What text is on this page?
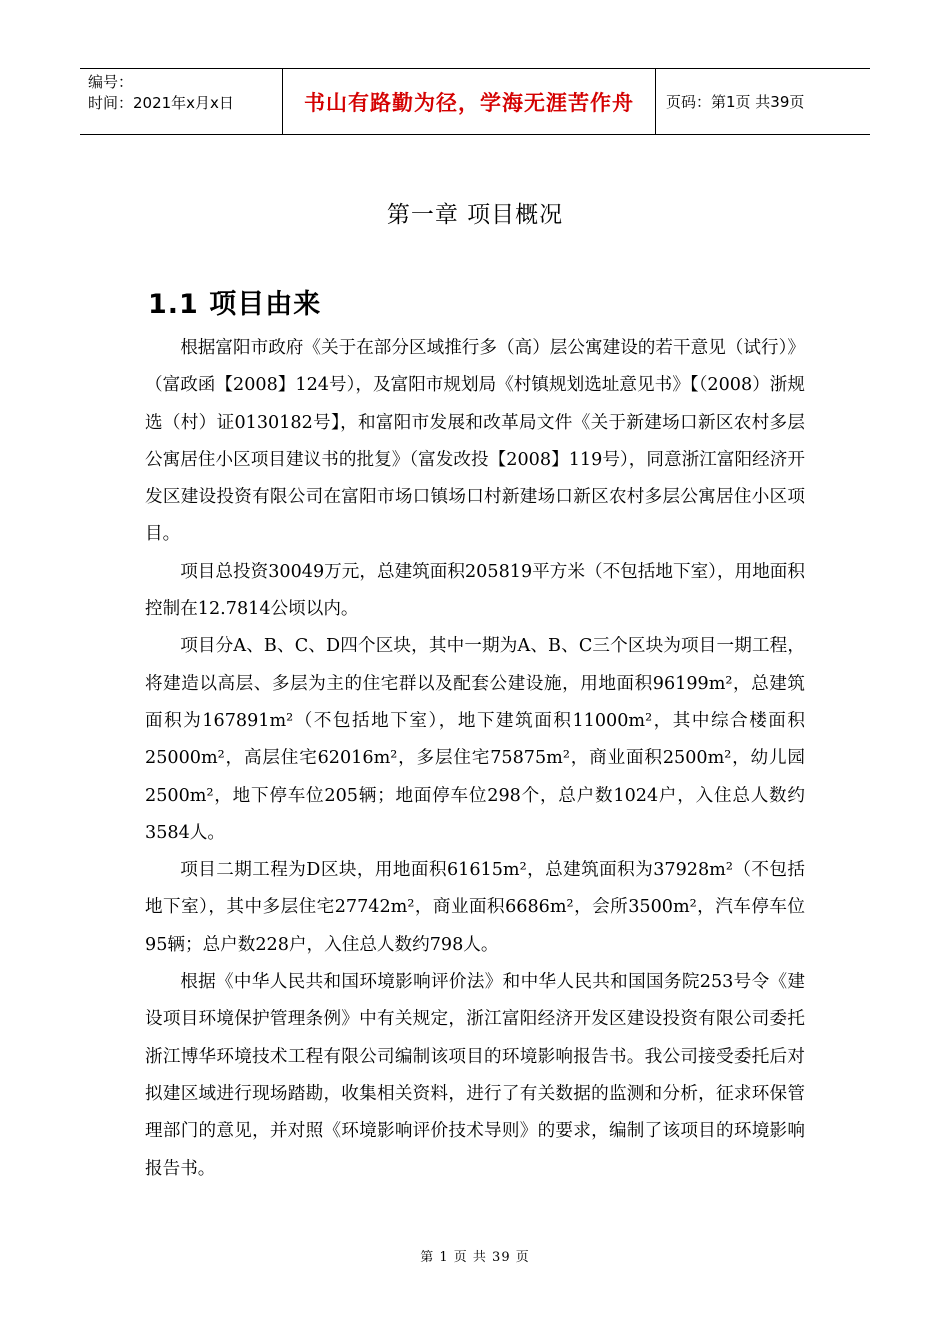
编号：
时间：2021年x月x日	书山有路勤为径，学海无涯苦作舟	页码：第1页 共39页
第一章 项目概况
1.1 项目由来

根据富阳市政府《关于在部分区域推行多（高）层公寓建设的若干意见（试行）》（富政函【2008】124号），及富阳市规划局《村镇规划选址意见书》【（2008）浙规选（村）证0130182号】，和富阳市发展和改革局文件《关于新建场口新区农村多层公寓居住小区项目建议书的批复》（富发改投【2008】119号），同意浙江富阳经济开发区建设投资有限公司在富阳市场口镇场口村新建场口新区农村多层公寓居住小区项目。

项目总投资30049万元，总建筑面积205819平方米（不包括地下室），用地面积控制在12.7814公顷以内。

项目分A、B、C、D四个区块，其中一期为A、B、C三个区块为项目一期工程，将建造以高层、多层为主的住宅群以及配套公建设施，用地面积96199m²，总建筑面积为167891m²（不包括地下室），地下建筑面积11000m²，其中综合楼面积25000m²，高层住宅62016m²，多层住宅75875m²，商业面积2500m²，幼儿园2500m²，地下停车位205辆；地面停车位298个，总户数1024户，入住总人数约3584人。

项目二期工程为D区块，用地面积61615m²，总建筑面积为37928m²（不包括地下室），其中多层住宅27742m²，商业面积6686m²，会所3500m²，汽车停车位95辆；总户数228户，入住总人数约798人。

根据《中华人民共和国环境影响评价法》和中华人民共和国国务院253号令《建设项目环境保护管理条例》中有关规定，浙江富阳经济开发区建设投资有限公司委托浙江博华环境技术工程有限公司编制该项目的环境影响报告书。我公司接受委托后对拟建区域进行现场踏勘，收集相关资料，进行了有关数据的监测和分析，征求环保管理部门的意见，并对照《环境影响评价技术导则》的要求，编制了该项目的环境影响报告书。

第 1 页 共 39 页
